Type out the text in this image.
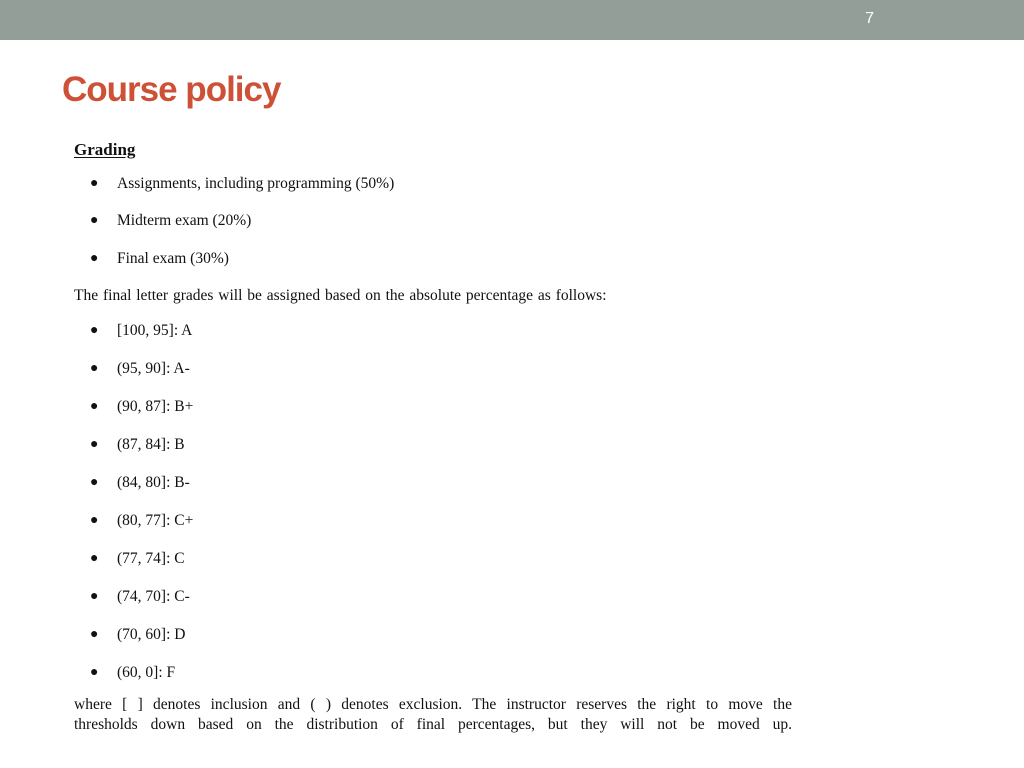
7
Course policy
Grading
● Assignments, including programming (50%)
● Midterm exam (20%)
● Final exam (30%)
The final letter grades will be assigned based on the absolute percentage as follows:
● [100, 95]: A
● (95, 90]: A-
● (90, 87]: B+
● (87, 84]: B
● (84, 80]: B-
● (80, 77]: C+
● (77, 74]: C
● (74, 70]: C-
● (70, 60]: D
● (60, 0]: F
where [ ] denotes inclusion and ( ) denotes exclusion. The instructor reserves the right to move the
thresholds down based on the distribution of final percentages, but they will not be moved up.
